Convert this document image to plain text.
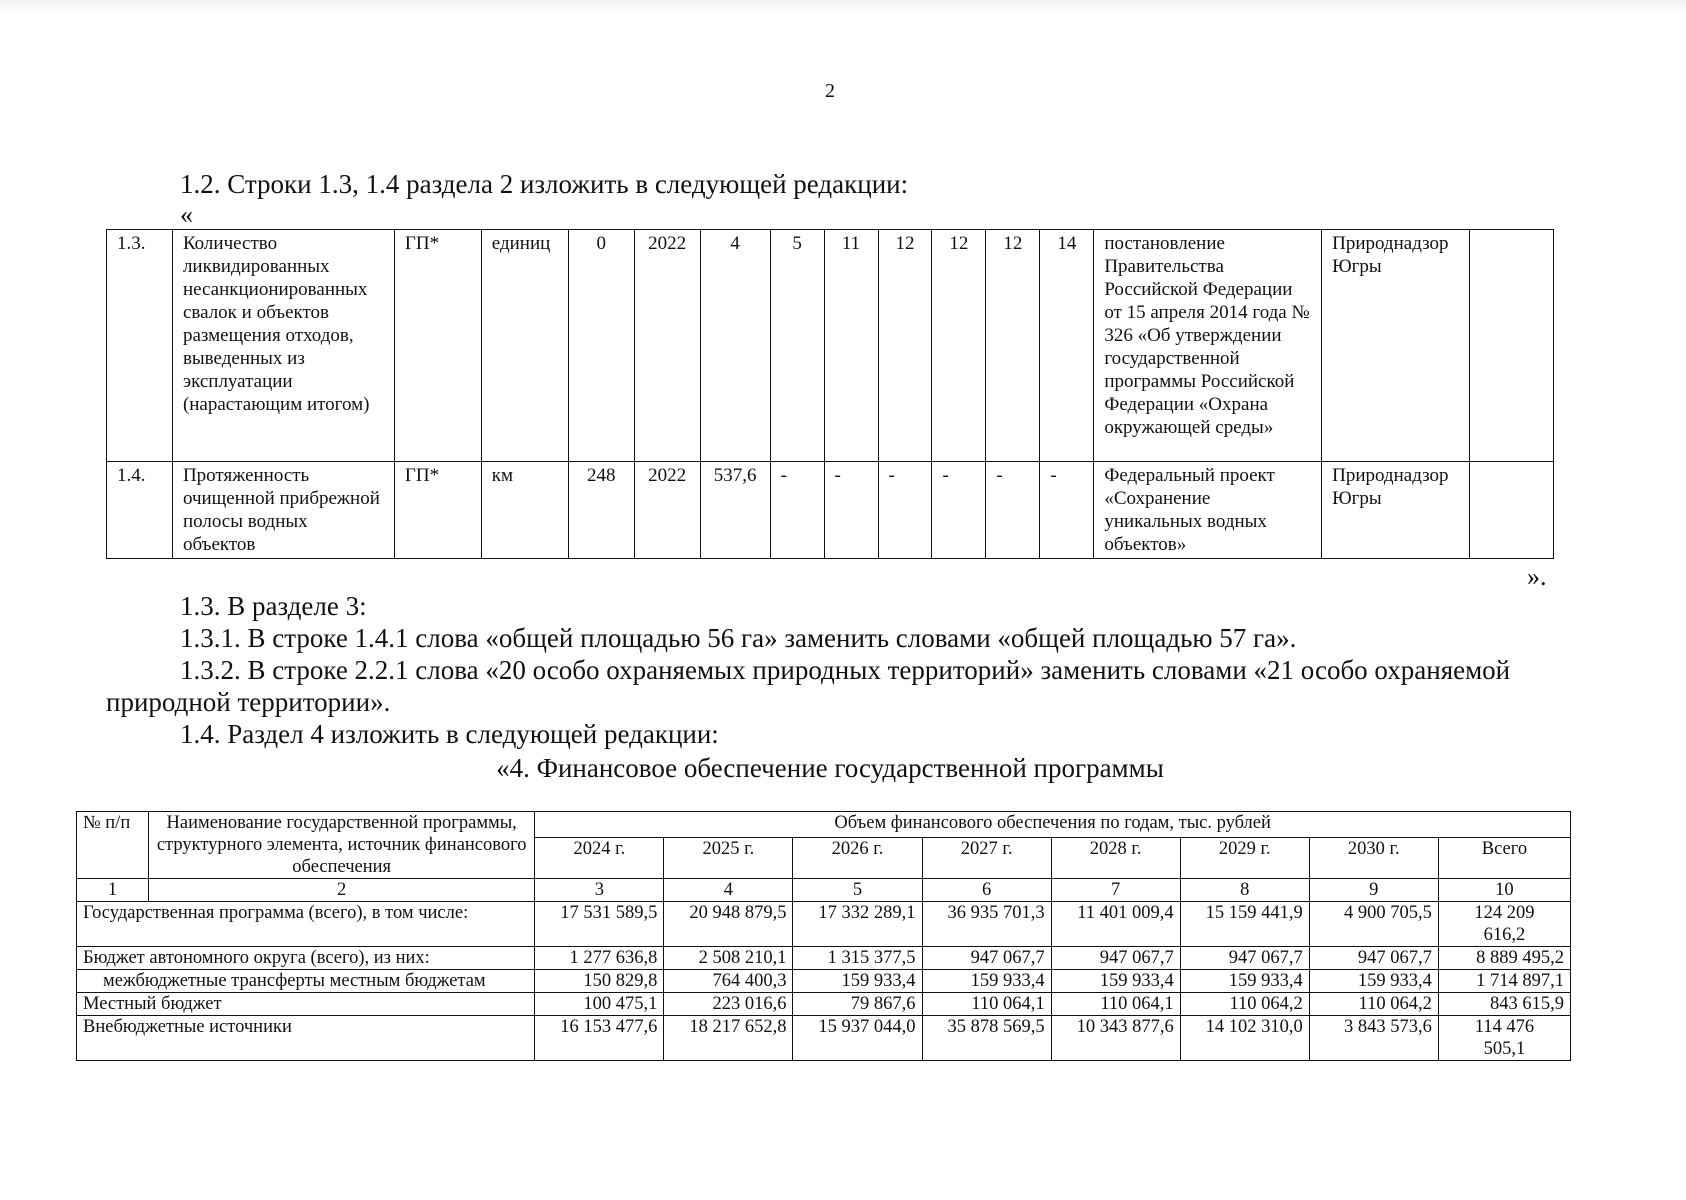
2
1.2. Строки 1.3, 1.4 раздела 2 изложить в следующей редакции:
«
1.3.	Количество ликвидированных несанкционированных свалок и объектов размещения отходов, выведенных из эксплуатации (нарастающим итогом)	ГП*	единиц	0	2022	4	5	11	12	12	12	14	постановление Правительства Российской Федерации от 15 апреля 2014 года № 326 «Об утверждении государственной программы Российской Федерации «Охрана окружающей среды»	Природнадзор Югры	
1.4.	Протяженность очищенной прибрежной полосы водных объектов	ГП*	км	248	2022	537,6	-	-	-	-	-	-	Федеральный проект «Сохранение уникальных водных объектов»	Природнадзор Югры	
».
1.3. В разделе 3:
1.3.1. В строке 1.4.1 слова «общей площадью 56 га» заменить словами «общей площадью 57 га».
1.3.2. В строке 2.2.1 слова «20 особо охраняемых природных территорий» заменить словами «21 особо охраняемой
природной территории».
1.4. Раздел 4 изложить в следующей редакции:
«4. Финансовое обеспечение государственной программы
№ п/п	Наименование государственной программы, структурного элемента, источник финансового обеспечения	Объем финансового обеспечения по годам, тыс. рублей							
		2024 г.	2025 г.	2026 г.	2027 г.	2028 г.	2029 г.	2030 г.	Всего
1	2	3	4	5	6	7	8	9	10
Государственная программа (всего), в том числе:		17 531 589,5	20 948 879,5	17 332 289,1	36 935 701,3	11 401 009,4	15 159 441,9	4 900 705,5	124 209 616,2
Бюджет автономного округа (всего), из них:		1 277 636,8	2 508 210,1	1 315 377,5	947 067,7	947 067,7	947 067,7	947 067,7	8 889 495,2
межбюджетные трансферты местным бюджетам		150 829,8	764 400,3	159 933,4	159 933,4	159 933,4	159 933,4	159 933,4	1 714 897,1
Местный бюджет		100 475,1	223 016,6	79 867,6	110 064,1	110 064,1	110 064,2	110 064,2	843 615,9
Внебюджетные источники		16 153 477,6	18 217 652,8	15 937 044,0	35 878 569,5	10 343 877,6	14 102 310,0	3 843 573,6	114 476 505,1
